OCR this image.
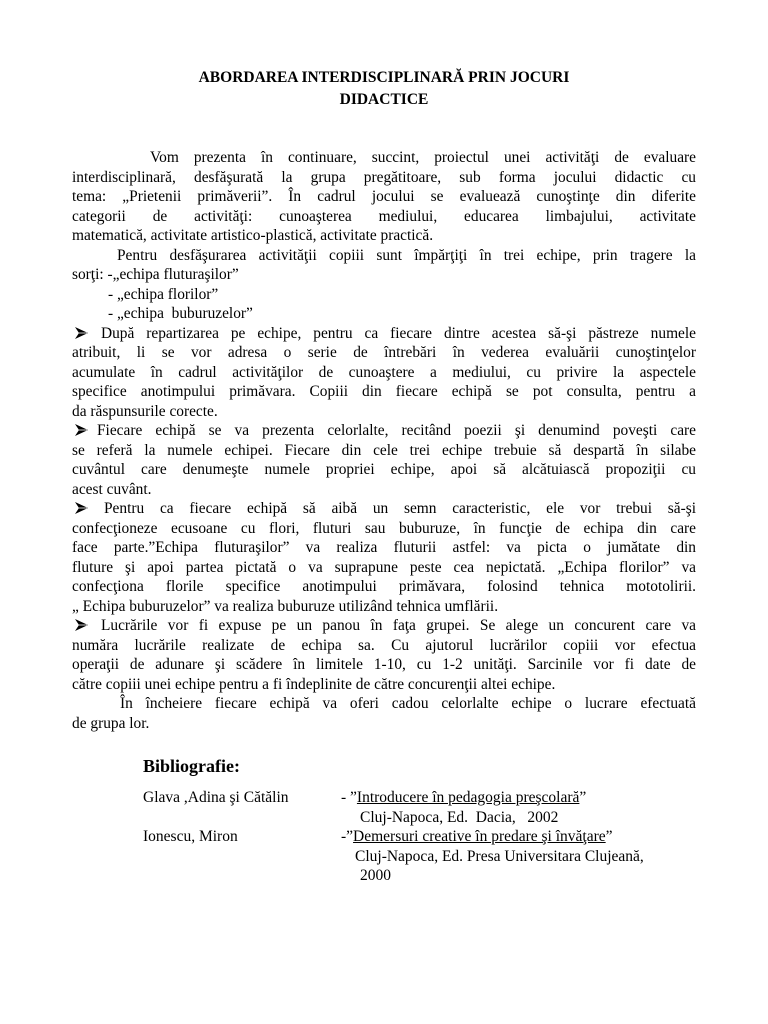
ABORDAREA INTERDISCIPLINARĂ PRIN JOCURI
DIDACTICE
Vom prezenta în continuare, succint, proiectul unei activităţi de evaluare
interdisciplinară, desfăşurată la grupa pregătitoare, sub forma jocului didactic cu
tema: „Prietenii primăverii”. În cadrul jocului se evaluează cunoştinţe din diferite
categorii de activităţi: cunoaşterea mediului, educarea limbajului, activitate
matematică, activitate artistico-plastică, activitate practică.
Pentru desfăşurarea activităţii copiii sunt împărţiţi în trei echipe, prin tragere la
sorţi: -„echipa fluturaşilor”
- „echipa florilor”
- „echipa  buburuzelor”
După repartizarea pe echipe, pentru ca fiecare dintre acestea să-şi păstreze numele
atribuit, li se vor adresa o serie de întrebări în vederea evaluării cunoştinţelor
acumulate în cadrul activităţilor de cunoaştere a mediului, cu privire la aspectele
specifice anotimpului primăvara. Copiii din fiecare echipă se pot consulta, pentru a
da răspunsurile corecte.
Fiecare echipă se va prezenta celorlalte, recitând poezii şi denumind poveşti care
se referă la numele echipei. Fiecare din cele trei echipe trebuie să despartă în silabe
cuvântul care denumeşte numele propriei echipe, apoi să alcătuiască propoziţii cu
acest cuvânt.
Pentru ca fiecare echipă să aibă un semn caracteristic, ele vor trebui să-şi
confecţioneze ecusoane cu flori, fluturi sau buburuze, în funcţie de echipa din care
face parte.”Echipa fluturaşilor” va realiza fluturii astfel: va picta o jumătate din
fluture şi apoi partea pictată o va suprapune peste cea nepictată. „Echipa florilor” va
confecţiona florile specifice anotimpului primăvara, folosind tehnica mototolirii.
„ Echipa buburuzelor” va realiza buburuze utilizând tehnica umflării.
Lucrările vor fi expuse pe un panou în faţa grupei. Se alege un concurent care va
număra lucrările realizate de echipa sa. Cu ajutorul lucrărilor copiii vor efectua
operaţii de adunare şi scădere în limitele 1-10, cu 1-2 unităţi. Sarcinile vor fi date de
către copiii unei echipe pentru a fi îndeplinite de către concurenţii altei echipe.
În încheiere fiecare echipă va oferi cadou celorlalte echipe o lucrare efectuată
de grupa lor.
Bibliografie:
Glava ,Adina şi Cătălin	- ”Introducere în pedagogia preşcolară”
Cluj-Napoca, Ed.  Dacia,   2002
Ionescu, Miron	-”Demersuri creative în predare şi învăţare”
Cluj-Napoca, Ed. Presa Universitara Clujeană,
2000
